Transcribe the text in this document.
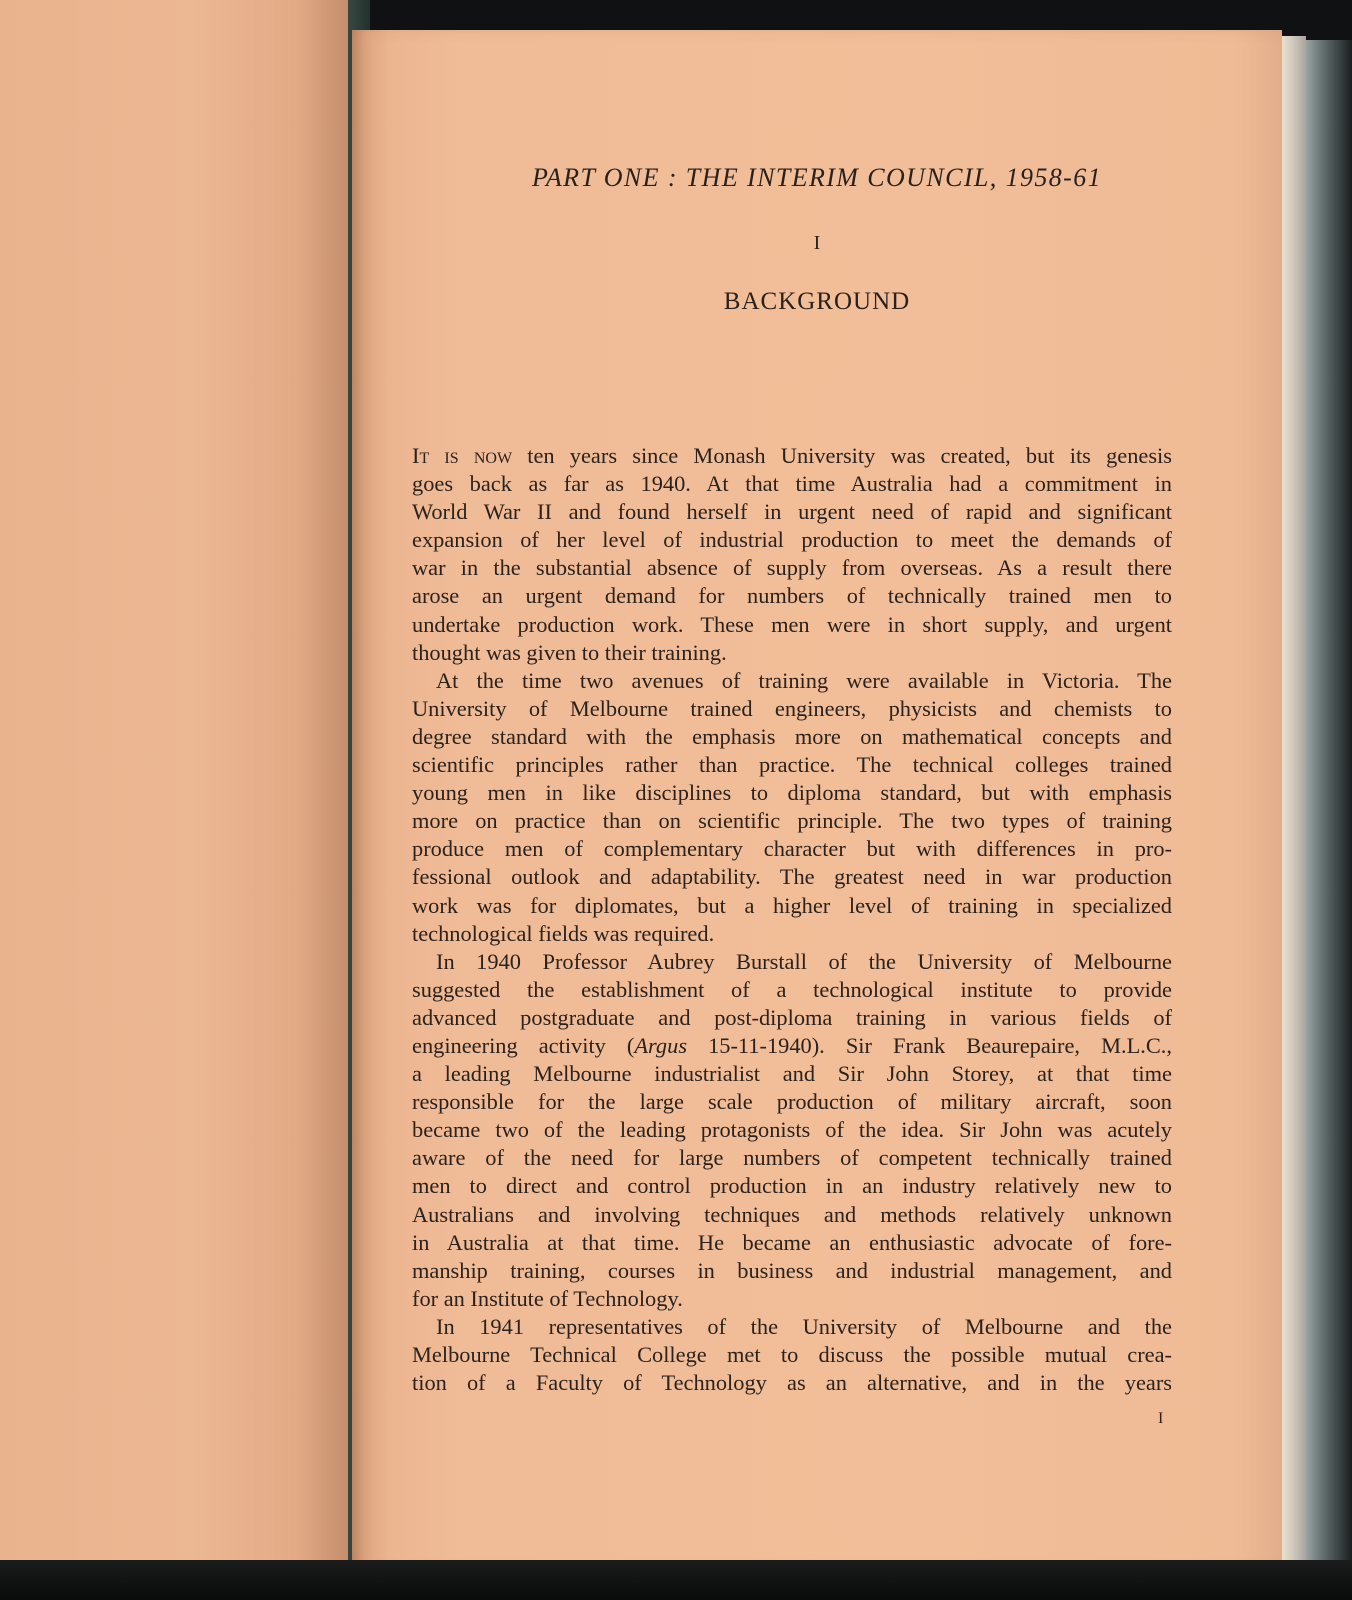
PART ONE : THE INTERIM COUNCIL, 1958-61
I
BACKGROUND
It is now ten years since Monash University was created, but its genesis
goes back as far as 1940. At that time Australia had a commitment in
World War II and found herself in urgent need of rapid and significant
expansion of her level of industrial production to meet the demands of
war in the substantial absence of supply from overseas. As a result there
arose an urgent demand for numbers of technically trained men to
undertake production work. These men were in short supply, and urgent
thought was given to their training.
At the time two avenues of training were available in Victoria. The
University of Melbourne trained engineers, physicists and chemists to
degree standard with the emphasis more on mathematical concepts and
scientific principles rather than practice. The technical colleges trained
young men in like disciplines to diploma standard, but with emphasis
more on practice than on scientific principle. The two types of training
produce men of complementary character but with differences in pro-
fessional outlook and adaptability. The greatest need in war production
work was for diplomates, but a higher level of training in specialized
technological fields was required.
In 1940 Professor Aubrey Burstall of the University of Melbourne
suggested the establishment of a technological institute to provide
advanced postgraduate and post-diploma training in various fields of
engineering activity (Argus 15-11-1940). Sir Frank Beaurepaire, M.L.C.,
a leading Melbourne industrialist and Sir John Storey, at that time
responsible for the large scale production of military aircraft, soon
became two of the leading protagonists of the idea. Sir John was acutely
aware of the need for large numbers of competent technically trained
men to direct and control production in an industry relatively new to
Australians and involving techniques and methods relatively unknown
in Australia at that time. He became an enthusiastic advocate of fore-
manship training, courses in business and industrial management, and
for an Institute of Technology.
In 1941 representatives of the University of Melbourne and the
Melbourne Technical College met to discuss the possible mutual crea-
tion of a Faculty of Technology as an alternative, and in the years
I
